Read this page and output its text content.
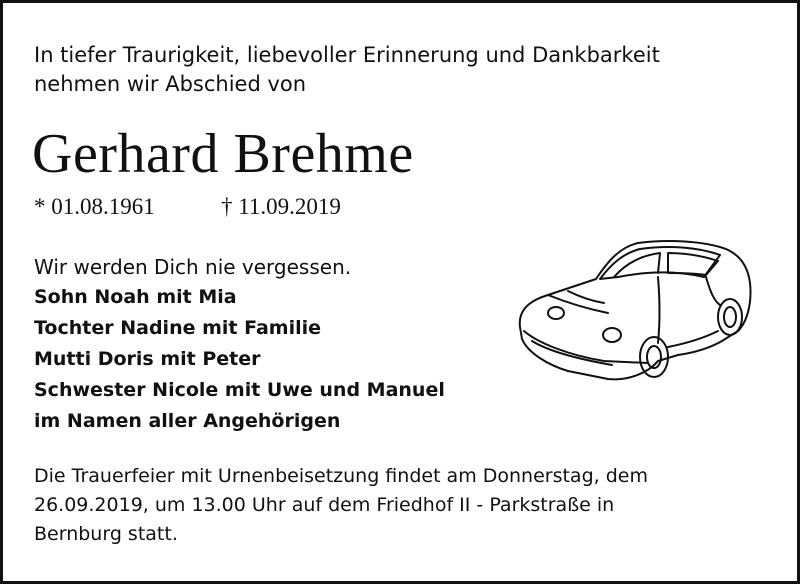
In tiefer Traurigkeit, liebevoller Erinnerung und Dankbarkeit
nehmen wir Abschied von
Gerhard Brehme
* 01.08.1961	† 11.09.2019
Wir werden Dich nie vergessen.
Sohn Noah mit Mia
Tochter Nadine mit Familie
Mutti Doris mit Peter
Schwester Nicole mit Uwe und Manuel
im Namen aller Angehörigen
Die Trauerfeier mit Urnenbeisetzung findet am Donnerstag, dem
26.09.2019, um 13.00 Uhr auf dem Friedhof II - Parkstraße in
Bernburg statt.
